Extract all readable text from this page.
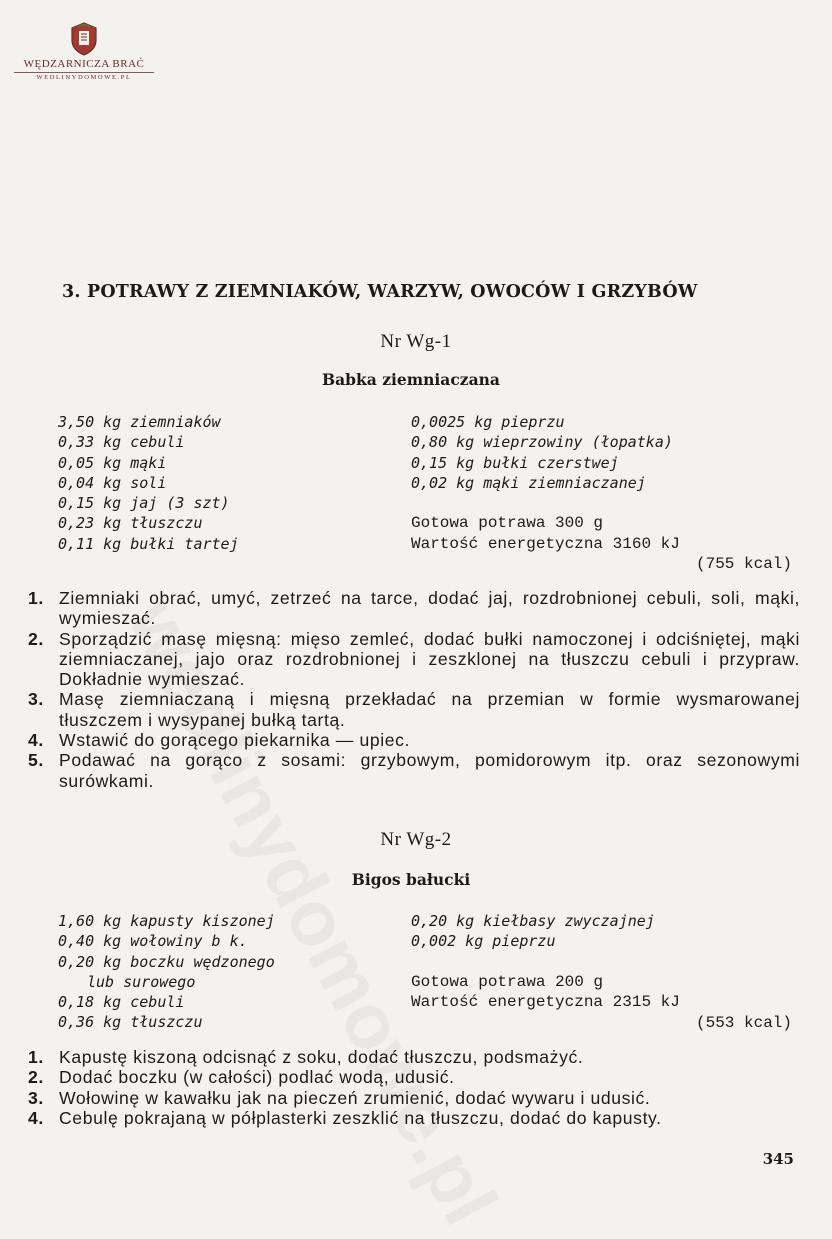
WĘDZARNICZA BRAĆ
WEDLINYDOMOWE.PL
3. POTRAWY Z ZIEMNIAKÓW, WARZYW, OWOCÓW I GRZYBÓW
Nr Wg-1
Babka ziemniaczana
3,50 kg ziemniaków
0,33 kg cebuli
0,05 kg mąki
0,04 kg soli
0,15 kg jaj (3 szt)
0,23 kg tłuszczu
0,11 kg bułki tartej
0,0025 kg pieprzu
0,80 kg wieprzowiny (łopatka)
0,15 kg bułki czerstwej
0,02 kg mąki ziemniaczanej
Gotowa potrawa 300 g
Wartość energetyczna 3160 kJ
(755 kcal)
1. Ziemniaki obrać, umyć, zetrzeć na tarce, dodać jaj, rozdrobnionej cebuli, soli, mąki, wymieszać.
2. Sporządzić masę mięsną: mięso zemleć, dodać bułki namoczonej i odciśniętej, mąki ziemniaczanej, jajo oraz rozdrobnionej i zeszklonej na tłuszczu cebuli i przypraw. Dokładnie wymieszać.
3. Masę ziemniaczaną i mięsną przekładać na przemian w formie wysmarowanej tłuszczem i wysypanej bułką tartą.
4. Wstawić do gorącego piekarnika — upiec.
5. Podawać na gorąco z sosami: grzybowym, pomidorowym itp. oraz sezonowymi surówkami.
Nr Wg-2
Bigos bałucki
1,60 kg kapusty kiszonej
0,40 kg wołowiny b k.
0,20 kg boczku wędzonego
lub surowego
0,18 kg cebuli
0,36 kg tłuszczu
0,20 kg kiełbasy zwyczajnej
0,002 kg pieprzu
Gotowa potrawa 200 g
Wartość energetyczna 2315 kJ
(553 kcal)
1. Kapustę kiszoną odcisnąć z soku, dodać tłuszczu, podsmażyć.
2. Dodać boczku (w całości) podlać wodą, udusić.
3. Wołowinę w kawałku jak na pieczeń zrumienić, dodać wywaru i udusić.
4. Cebulę pokrajaną w półplasterki zeszklić na tłuszczu, dodać do kapusty.
345
